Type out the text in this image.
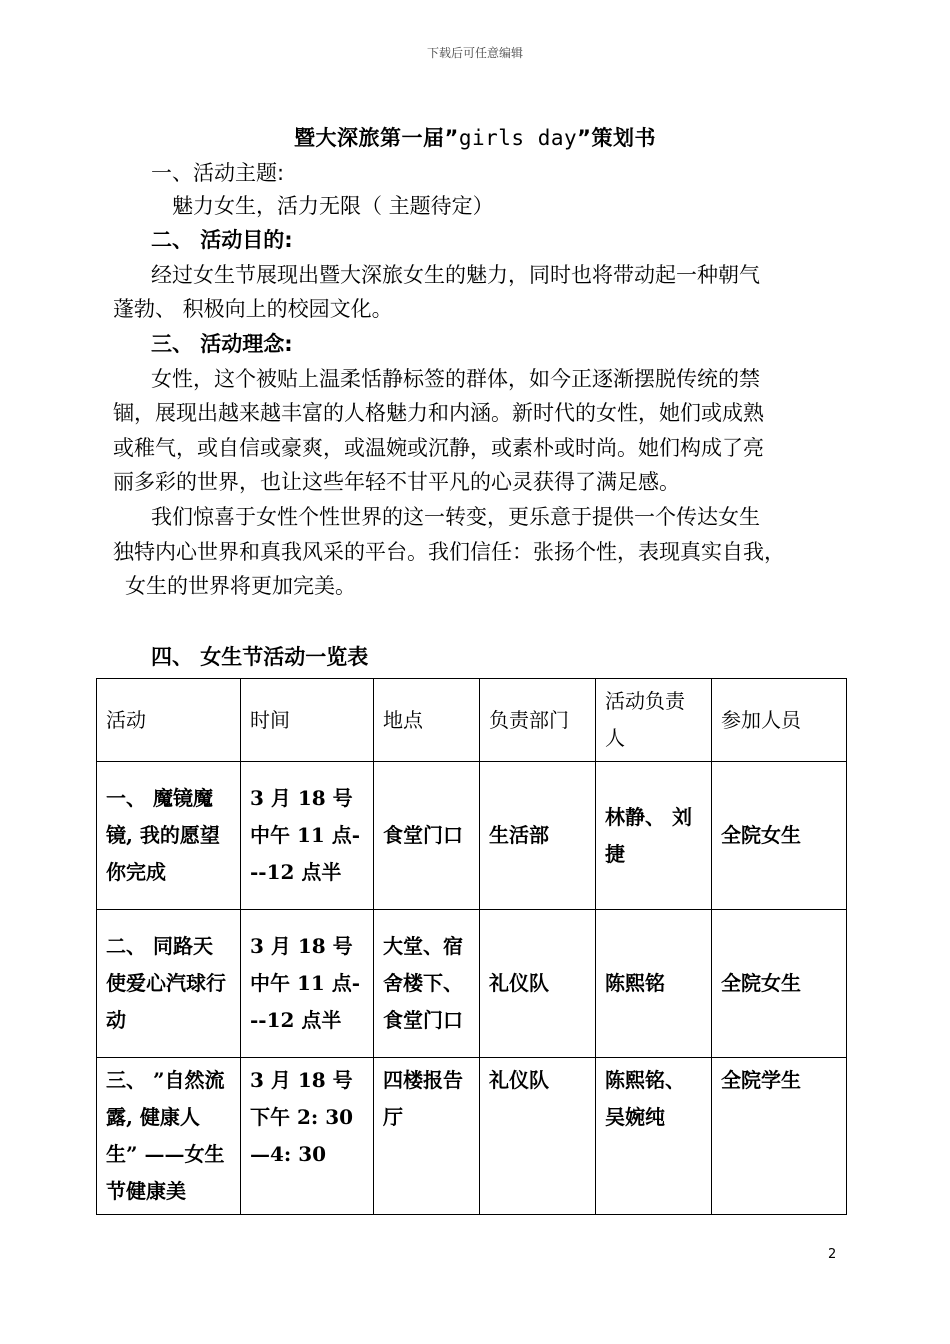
下载后可任意编辑
暨大深旅第一届”girls day”策划书
一、活动主题:
魅力女生，活力无限（ 主题待定）
二、 活动目的:
经过女生节展现出暨大深旅女生的魅力，同时也将带动起一种朝气
蓬勃、 积极向上的校园文化。
三、 活动理念:
女性，这个被贴上温柔恬静标签的群体，如今正逐渐摆脱传统的禁
锢，展现出越来越丰富的人格魅力和内涵。新时代的女性，她们或成熟
或稚气，或自信或豪爽，或温婉或沉静，或素朴或时尚。她们构成了亮
丽多彩的世界，也让这些年轻不甘平凡的心灵获得了满足感。
我们惊喜于女性个性世界的这一转变，更乐意于提供一个传达女生
独特内心世界和真我风采的平台。我们信任：张扬个性，表现真实自我，
女生的世界将更加完美。
四、 女生节活动一览表
活动	时间	地点	负责部门	活动负责人	参加人员
一、 魔镜魔镜, 我的愿望你完成	3 月 18 号中午 11 点---12 点半	食堂门口	生活部	林静、 刘捷	全院女生
二、 同路天使爱心汽球行动	3 月 18 号中午 11 点---12 点半	大堂、宿舍楼下、 食堂门口	礼仪队	陈熙铭	全院女生
三、 ”自然流露, 健康人生” ——女生节健康美	3 月 18 号下午 2: 30—4: 30	四楼报告厅	礼仪队	陈熙铭、吴婉纯	全院学生
2
